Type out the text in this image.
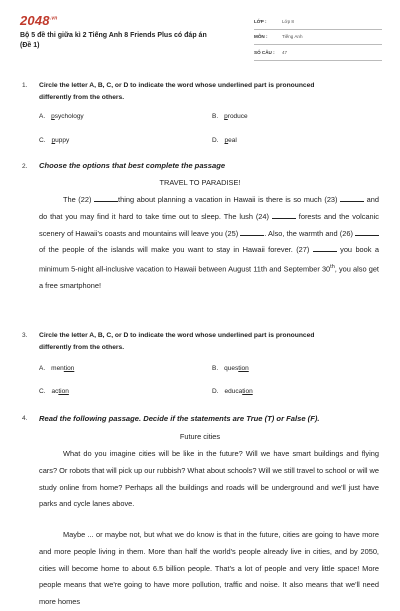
$2048^{.vn}$
Bộ 5 đề thi giữa kì 2 Tiếng Anh 8 Friends Plus có đáp án
(Đề 1)
LỚP :	Lớp 8
MÔN :	Tiếng Anh
SỐ CÂU :	47
1. Circle the letter A, B, C, or D to indicate the word whose underlined part is pronounced
differently from the others.
A. psychology	B. produce
C. puppy	D. peal
2. Choose the options that best complete the passage
TRAVEL TO PARADISE!
The (22)	thing about planning a vacation in Hawaii is there is so much (23)	and do that you may find it hard to take time out to sleep. The lush (24)	forests and the volcanic scenery of Hawaii's coasts and mountains will leave you (25)	. Also, the warmth and (26)  of the people of the islands will make you want to stay in Hawaii forever. (27)	you book a minimum 5-night all-inclusive vacation to Hawaii between August 11th and September 30th, you also get a free smartphone!
3. Circle the letter A, B, C, or D to indicate the word whose underlined part is pronounced
differently from the others.
A. mention	B. question
C. action	D. education
4. Read the following passage. Decide if the statements are True (T) or False (F).
Future cities
What do you imagine cities will be like in the future? Will we have smart buildings and flying cars? Or robots that will pick up our rubbish? What about schools? Will we still travel to school or will we study online from home? Perhaps all the buildings and roads will be underground and we'll just have parks and cycle lanes above.
Maybe ... or maybe not, but what we do know is that in the future, cities are going to have more and more people living in them. More than half the world's people already live in cities, and by 2050, cities will become home to about 6.5 billion people. That's a lot of people and very little space! More people means that we're going to have more pollution, traffic and noise. It also means that we'll need more homes
